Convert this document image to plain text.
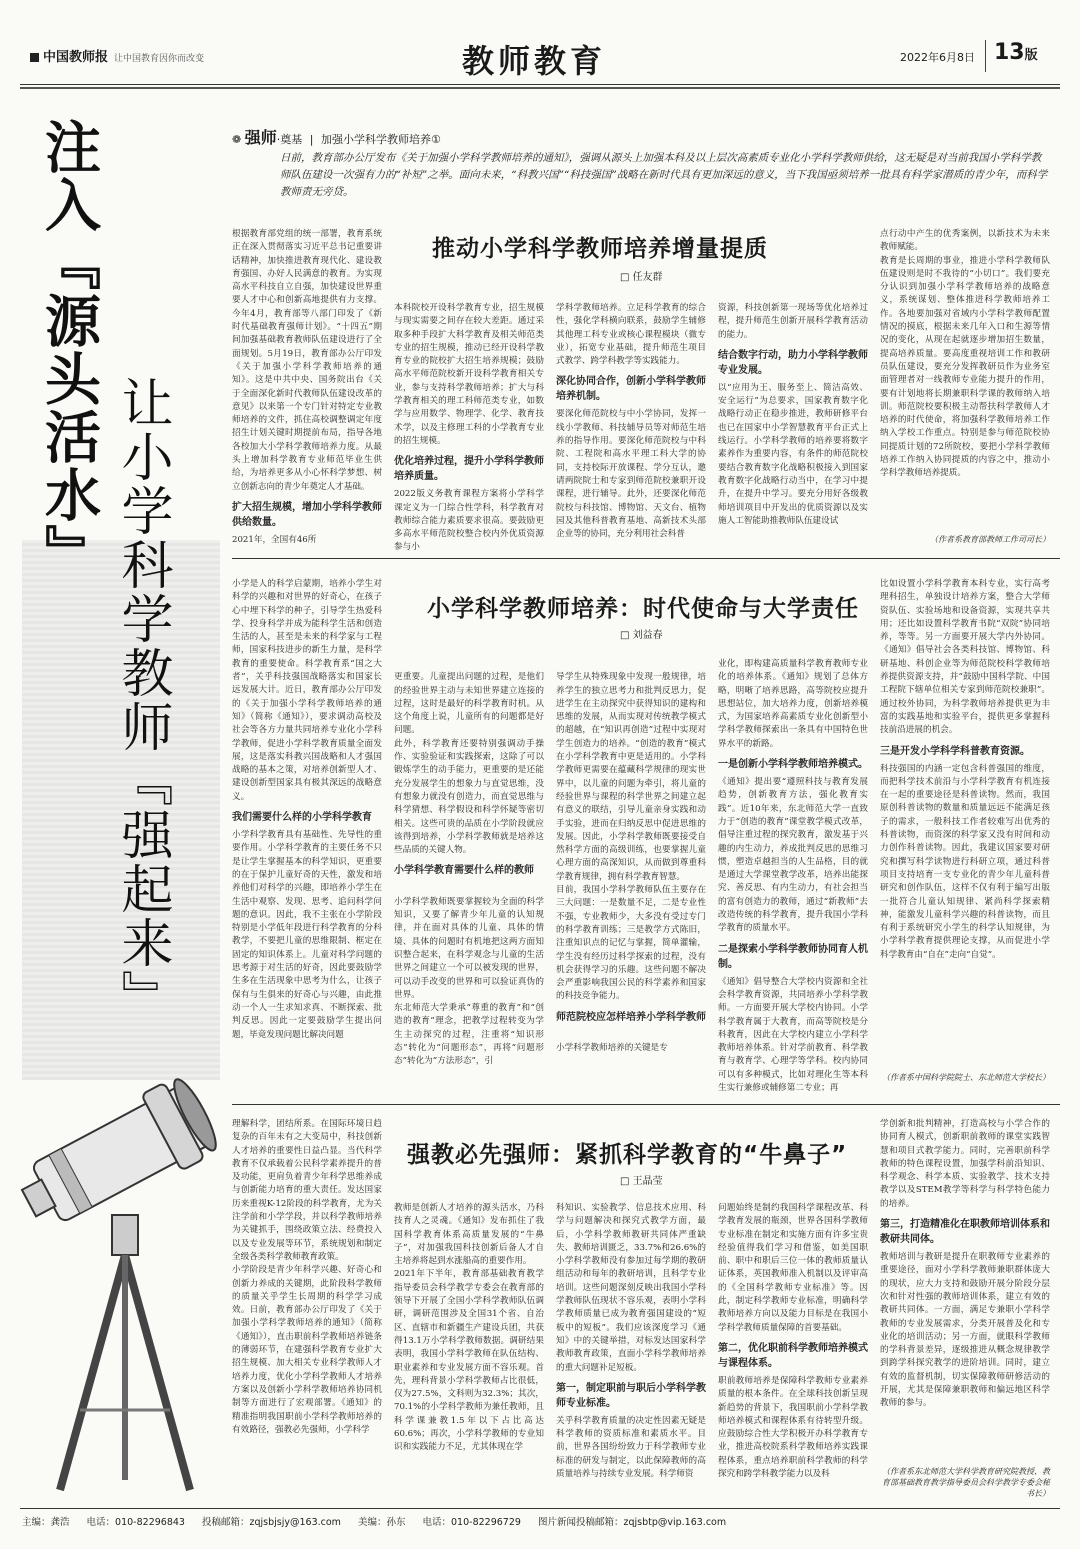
中国教师报 让中国教育因你而改变	教师教育	2022年6月8日 13版
注入『源头活水』
让小学科学教师『强起来』
❁ 强师·奠基 | 加强小学科学教师培养①
日前，教育部办公厅发布《关于加强小学科学教师培养的通知》，强调从源头上加强本科及以上层次高素质专业化小学科学教师供给，这无疑是对当前我国小学科学教师队伍建设一次强有力的“补短”之举。面向未来，“科教兴国”“科技强国”战略在新时代具有更加深远的意义，当下我国亟须培养一批具有科学家潜质的青少年，而科学教师责无旁贷。
推动小学科学教师培养增量提质
□ 任友群
根据教育部党组的统一部署，教育系统正在深入贯彻落实习近平总书记重要讲话精神，加快推进教育现代化、建设教育强国、办好人民满意的教育。为实现高水平科技自立自强，加快建设世界重要人才中心和创新高地提供有力支撑。今年4月，教育部等八部门印发了《新时代基础教育强师计划》。“十四五”期间加强基础教育教师队伍建设进行了全面规划。5月19日，教育部办公厅印发《关于加强小学科学教师培养的通知》。这是中共中央、国务院出台《关于全面深化新时代教师队伍建设改革的意见》以来第一个专门针对特定专业教师培养的文件，抓住高校调整调定年度招生计划关键时期提前布局，指导各地各校加大小学科学教师培养力度。从最头上增加科学教育专业师范毕业生供给，为培养更多从小心怀科学梦想、树立创新志向的青少年奠定人才基础。
扩大招生规模，增加小学科学教师供给数量。
2021年，全国有46所
本科院校开设科学教育专业，招生规模与现实需要之间存在较大差距。通过采取多种手段扩大科学教育及相关师范类专业的招生规模，推动已经开设科学教育专业的院校扩大招生培养规模；鼓励高水平师范院校新开设科学教育相关专业，参与支持科学教师培养；扩大与科学教育相关的理工科师范类专业，如数学与应用数学、物理学、化学、教育技术学，以及主修理工科的小学教育专业的招生规模。
优化培养过程，提升小学科学教师培养质量。
2022版义务教育课程方案将小学科学课定义为一门综合性学科，科学教育对教师综合能力素质要求很高。要鼓励更多高水平师范院校整合校内外优质资源参与小
学科学教师培养。立足科学教育的综合性，强化学科横向联系，鼓励学生辅修其他理工科专业或核心课程模块（微专业），拓宽专业基础，提升师范生项目式教学、跨学科教学等实践能力。
深化协同合作，创新小学科学教师培养机制。
要深化师范院校与中小学协同，发挥一线小学教师、科技辅导员等对师范生培养的指导作用。要深化师范院校与中科院、工程院和高水平理工科大学的协同，支持校际开放课程、学分互认，邀请两院院士和专家到师范院校兼职开设课程，进行辅导。此外，还要深化师范院校与科技馆、博物馆、天文台、植物园及其他科普教育基地、高新技术头部企业等的协同，充分利用社会科普
资源，科技创新第一现场等优化培养过程，提升师范生创新开展科学教育活动的能力。
结合数字行动，助力小学科学教师专业发展。
以“应用为王、服务至上、简洁高效、安全运行”为总要求，国家教育数字化战略行动正在稳步推进，教师研修平台也已在国家中小学智慧教育平台正式上线运行。小学科学教师的培养要将数字素养作为重要内容，有条件的师范院校要结合教育数字化战略积极接入到国家教育数字化战略行动当中，在学习中提升，在提升中学习。要充分用好各级教师培训项目中开发出的优质资源以及实施人工智能助推教师队伍建设试
点行动中产生的优秀案例，以新技术为未来教师赋能。
教育是长周期的事业，推进小学科学教师队伍建设则是时不我待的“小切口”。我们要充分认识到加强小学科学教师培养的战略意义，系统谋划、整体推进科学教师培养工作。各地要加强对省域内小学科学教师配置情况的摸底，根据未来几年入口和生源等情况的变化，从现在起就逐步增加招生数量，提高培养质量。要高度重视培训工作和教研员队伍建设，要充分发挥教研员作为业务室面管理者对一线教师专业能力提升的作用，要有计划地将长期兼职科学课的教师纳入培训。师范院校要积极主动帮扶科学教师人才培养的时代使命，将加强科学教师培养工作纳入学校工作重点。特别是参与师范院校协同提质计划的72所院校，要把小学科学教师培养工作纳入协同提质的内容之中，推动小学科学教师培养提质。
（作者系教育部教师工作司司长）
小学科学教师培养：时代使命与大学责任
□ 刘益春
小学是人的科学启蒙期，培养小学生对科学的兴趣和对世界的好奇心，在孩子心中埋下科学的种子，引导学生热爱科学、投身科学并成为能科学生活和创造生活的人，甚至是未来的科学家与工程师，国家科技进步的新生力量，是科学教育的重要使命。科学教育系“国之大者”，关乎科技强国战略落实和国家长远发展大计。近日，教育部办公厅印发的《关于加强小学科学教师培养的通知》（简称《通知》），要求调动高校及社会等各方力量共同培养专业化小学科学教师，促进小学科学教育质量全面发展，这是落实科教兴国战略和人才强国战略的基本之策，对培养创新型人才、建设创新型国家具有极其深远的战略意义。
我们需要什么样的小学科学教育
小学科学教育具有基础性、先导性的重要作用。小学科学教育的主要任务不只是让学生掌握基本的科学知识，更重要的在于保护儿童好奇的天性，激发和培养他们对科学的兴趣，即培养小学生在生活中观察、发现、思考、追问科学问题的意识。因此，我不主张在小学阶段特别是小学低年段进行科学教育的分科教学，不要把儿童的思维限制、框定在固定的知识体系上。儿童对科学问题的思考源于对生活的好奇，因此要鼓励学生多在生活现象中思考为什么，让孩子保有与生俱来的好奇心与兴趣，由此推动一个人一生求知求真、不断探索、批判反思。因此一定要鼓励学生提出问题，毕竟发现问题比解决问题

更重要。儿童提出问题的过程，是他们的经验世界主动与未知世界建立连接的过程，这时是最好的科学教育时机。从这个角度上说，儿童所有的问题都是好问题。
此外，科学教育还要特别强调动手操作、实验验证和实践探索，这除了可以锻炼学生的动手能力，更重要的是还能充分发展学生的想象力与直觉思维，没有想象力就没有创造力，而直觉思维与科学猜想、科学假设和科学怀疑等密切相关。这些可贵的品质在小学阶段就应该得到培养，小学科学教师就是培养这些品质的关键人物。

小学科学教育需要什么样的教师

小学科学教师既要掌握较为全面的科学知识，又要了解青少年儿童的认知规律，并在面对具体的儿童、具体的情境、具体的问题时有机地把这两方面知识整合起来，在科学观念与儿童的生活世界之间建立一个可以被发现的世界，可以动手改变的世界和可以验证真伪的世界。
东北师范大学秉承“尊重的教育”和“创造的教育”理念，把教学过程转变为学生主动探究的过程，注重将“知识形态”转化为“问题形态”，再将“问题形态”转化为“方法形态”，引

导学生从特殊现象中发现一般规律，培养学生的独立思考力和批判反思力，促进学生在主动探究中获得知识的建构和思维的发展，从而实现对传统教学模式的超越，在“知识再创造”过程中实现对学生创造力的培养。“创造的教育”模式在小学科学教育中更是适用的。小学科学教师更需要在蕴藏科学规律的现实世界中，以儿童的问题为牵引，将儿童的经验世界与课程的科学世界之间建立起有意义的联结，引导儿童亲身实践和动手实验，进而在归纳反思中促进思维的发展。因此，小学科学教师既要接受自然科学方面的高级训练，也要掌握儿童心理方面的高深知识，从而做到尊重科学教育规律，拥有科学教育智慧。
目前，我国小学科学教师队伍主要存在三大问题：一是数量不足，二是专业性不强，专业教师少，大多没有受过专门的科学教育训练；三是教学方式陈旧，注重知识点的记忆与掌握，简单灌输，学生没有经历过科学探索的过程，没有机会获得学习的乐趣。这些问题不解决会严重影响我国公民的科学素养和国家的科技竞争能力。

师范院校应怎样培养小学科学教师

小学科学教师培养的关键是专

业化，即构建高质量科学教育教师专业化的培养体系。《通知》规划了总体方略，明晰了培养思路，高等院校应提升思想站位，加大培养力度，创新培养模式，为国家培养高素质专业化创新型小学科学教师探索出一条具有中国特色世界水平的新路。
一是创新小学科学教师培养模式。
《通知》提出要“遵照科技与教育发展趋势，创新教育方法，强化教育实践”。近10年来，东北师范大学一直致力于“创造的教育”课堂教学模式改革，倡导注重过程的探究教育，激发基于兴趣的内生动力，养成批判反思的思维习惯，塑造卓越担当的人生品格，目的就是通过大学课堂教学改革，培养出能探究、善反思、有内生动力，有社会担当的富有创造力的教师，通过“新教师”去改造传统的科学教育，提升我国小学科学教育的质量水平。
二是探索小学科学教师协同育人机制。
《通知》倡导整合大学校内资源和全社会科学教育资源，共同培养小学科学教师。一方面要开展大学校内协同。小学科学教育属于大教育，而高等院校是分科教育，因此在大学校内建立小学科学教师培养体系。针对学前教育、科学教育与教育学、心理学等学科。校内协同可以有多种模式，比如对理化生等本科生实行兼修或辅修第二专业；再
比如设置小学科学教育本科专业，实行高考理科招生，单独设计培养方案，整合大学师资队伍、实验场地和设备资源，实现共享共用；还比如设置科学教育书院“双院”协同培养，等等。另一方面要开展大学内外协同。《通知》倡导社会各类科技馆、博物馆、科研基地、科创企业等为师范院校科学教师培养提供资源支持，并“鼓励中国科学院、中国工程院下辖单位相关专家到师范院校兼职”。通过校外协同，为科学教师培养提供更为丰富的实践基地和实验平台，提供更多掌握科技前沿进展的机会。
三是开发小学科学科普教育资源。
科技强国的内涵一定包含科普强国的维度，而把科学技术前沿与小学科学教育有机连接在一起的重要途径是科普读物。然而，我国原创科普读物的数量和质量远远不能满足孩子的需求，一般科技工作者较难写出优秀的科普读物，而资深的科学家又没有时间和动力创作科普读物。因此，我建议国家要对研究和撰写科学读物进行科研立项，通过科普项目支持培育一支专业化的青少年儿童科普研究和创作队伍，这样不仅有利于编写出版一批符合儿童认知规律、紧尚科学探索精神，能激发儿童科学兴趣的科普读物，而且有利于系统研究小学生的科学认知规律，为小学科学教育提供理论支撑，从而促进小学科学教育由“自在”走向“自觉”。
（作者系中国科学院院士、东北师范大学校长）
强教必先强师：紧抓科学教育的“牛鼻子”
□ 王晶莹
理解科学，团结所系。在国际环境日趋复杂的百年未有之大变局中，科技创新人才培养的重要性日益凸显。当代科学教育不仅承载着公民科学素养提升的普及功能，更肩负着青少年科学思维养成与创新能力培育的重大责任。发达国家历来重视K-12阶段的科学教育，尤为关注学前和小学学段，并以科学教师培养为关键抓手，围绕政策立法、经费投入以及专业发展等环节，系统规划和制定全级各类科学教师教育政策。
小学阶段是青少年科学兴趣、好奇心和创新力养成的关键期，此阶段科学教师的质量关乎学生长周期的科学学习成效。日前，教育部办公厅印发了《关于加强小学科学教师培养的通知》（简称《通知》），直击职前科学教师培养链条的薄弱环节，在建强科学教育专业扩大招生规模、加大相关专业科学教师人才培养力度，优化小学科学教师人才培养方案以及创新小学科学教师培养协同机制等方面进行了宏观部署。《通知》的精准指明我国职前小学科学教师培养的有效路径，强教必先强师，小学科学
教师是创新人才培养的源头活水，乃科技育人之灵魂。《通知》发布抓住了我国科学教育体系高质量发展的“牛鼻子”，对加强我国科技创新后备人才自主培养将起到水涨船高的重要作用。
2021年下半年，教育部基础教育教学指导委员会科学教学专委会在教育部的领导下开展了全国小学科学教师队伍调研，调研范围涉及全国31个省、自治区、直辖市和新疆生产建设兵团，共获得13.1万小学科学教师数据。调研结果表明，我国小学科学教师在队伍结构、职业素养和专业发展方面不容乐观。首先，理科背景小学科学教师占比很低，仅为27.5%，文科则为32.3%；其次，70.1%的小学科学教师为兼任教师，且科学课兼教1.5年以下占比高达60.6%；再次，小学科学教师的专业知识和实践能力不足，尤其体现在学
科知识、实验教学、信息技术应用、科学与问题解决和探究式教学方面，最后，小学科学教师教研共同体严重缺失、教师培训匮乏，33.7%和26.6%的小学科学教师没有参加过每学期的教研组活动和每年的教研培训，且科学专业培训。这些问题深刻反映出我国小学科学教师队伍现状不容乐观，表明小学科学教师质量已成为教育强国建设的“短板中的短板”。我们应该深度学习《通知》中的关键举措，对标发达国家科学教师教育政策，直面小学科学教师培养的重大问题补足短板。
第一，制定职前与职后小学科学教师专业标准。
关乎科学教育质量的决定性因素无疑是科学教师的资质标准和素质水平。目前，世界各国纷纷致力于科学教师专业标准的研发与制定，以此保障教师的高质量培养与持续专业发展。科学师资
问题始终是制约我国科学课程改革、科学教育发展的瓶颈，世界各国科学教师专业标准在制定和实施方面有许多宝贵经验值得我们学习和借鉴，如美国职前、职中和职后三位一体的教师质量认证体系，英国教师准入机制以及评审高的《全国科学教师专业标准》等。因此，制定科学教师专业标准，明确科学教师培养方向以及能力目标是在我国小学科学教师质量保障的首要基础。
第二，优化职前科学教师培养模式与课程体系。
职前教师培养是保障科学教师专业素养质量的根本条件。在全球科技创新呈现新趋势的背景下，我国职前小学科学教师培养模式和课程体系有待转型升级。应鼓励综合性大学积极开办科学教育专业，推进高校院系科学教师培养实践课程体系，重点培养职前科学教师的科学探究和跨学科教学能力以及科
学创新和批判精神，打造高校与小学合作的协同育人模式，创新职前教师的课堂实践智慧和项目式教学能力。同时，完善职前科学教师的特色课程设置，加强学科前沿知识、科学观念、科学本质、实验教学、技术支持教学以及STEM教学等科学与科学特色能力的培养。
第三，打造精准化在职教师培训体系和教研共同体。
教师培训与教研是提升在职教师专业素养的重要途径，面对小学科学教师兼职群体庞大的现状，应大力支持和鼓励开展分阶段分层次和针对性强的教师培训体系，建立有效的教研共同体。一方面，满足专兼职小学科学教师的专业发展需求，分类开展普及化和专业化的培训活动；另一方面，就眼科学教师的学科背景差异，逐级推进从概念规律教学到跨学科探究教学的进阶培训。同时，建立有效的监督机制，切实保障教师研修活动的开展，尤其是保障兼职教师和偏远地区科学教师的参与。
（作者系东北师范大学科学教育研究院教授、教育部基础教育教学指导委员会科学教学专委会秘书长）
主编：龚浩 电话：010-82296843 投稿邮箱：zqjsbjsjy@163.com 美编：孙东 电话：010-82296729 图片新闻投稿邮箱：zqjsbtp@vip.163.com
